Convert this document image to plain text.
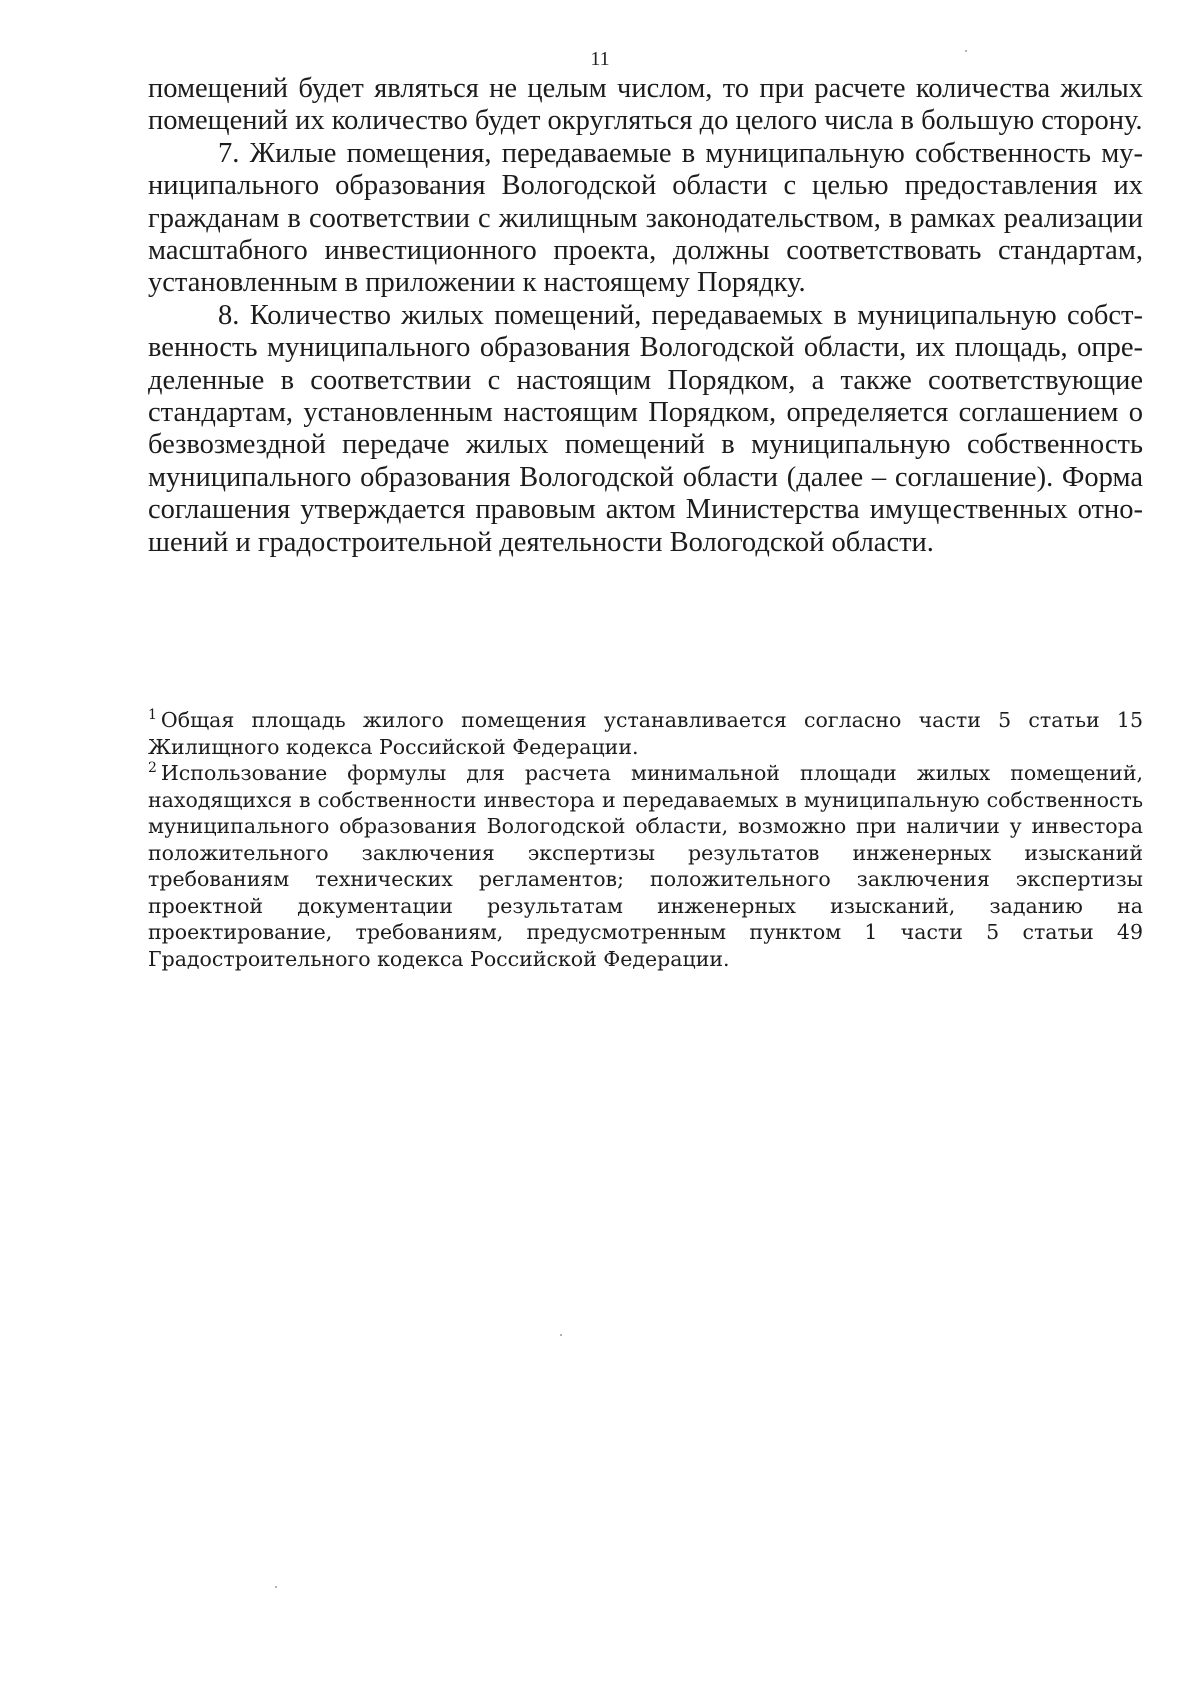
11

помещений будет являться не целым числом, то при расчете количества жилых помещений их количество будет округляться до целого числа в большую сторону.

7. Жилые помещения, передаваемые в муниципальную собственность муниципального образования Вологодской области с целью предоставления их гражданам в соответствии с жилищным законодательством, в рамках реализации масштабного инвестиционного проекта, должны соответствовать стандартам, установленным в приложении к настоящему Порядку.

8. Количество жилых помещений, передаваемых в муниципальную собственность муниципального образования Вологодской области, их площадь, определенные в соответствии с настоящим Порядком, а также соответствующие стандартам, установленным настоящим Порядком, определяется соглашением о безвозмездной передаче жилых помещений в муниципальную собственность муниципального образования Вологодской области (далее – соглашение). Форма соглашения утверждается правовым актом Министерства имущественных отношений и градостроительной деятельности Вологодской области.

$^1$ Общая площадь жилого помещения устанавливается согласно части 5 статьи 15 Жилищного кодекса Российской Федерации.

$^2$ Использование формулы для расчета минимальной площади жилых помещений, находящихся в собственности инвестора и передаваемых в муниципальную собственность муниципального образования Вологодской области, возможно при наличии у инвестора положительного заключения экспертизы результатов инженерных изысканий требованиям технических регламентов; положительного заключения экспертизы проектной документации результатам инженерных изысканий, заданию на проектирование, требованиям, предусмотренным пунктом 1 части 5 статьи 49 Градостроительного кодекса Российской Федерации.
